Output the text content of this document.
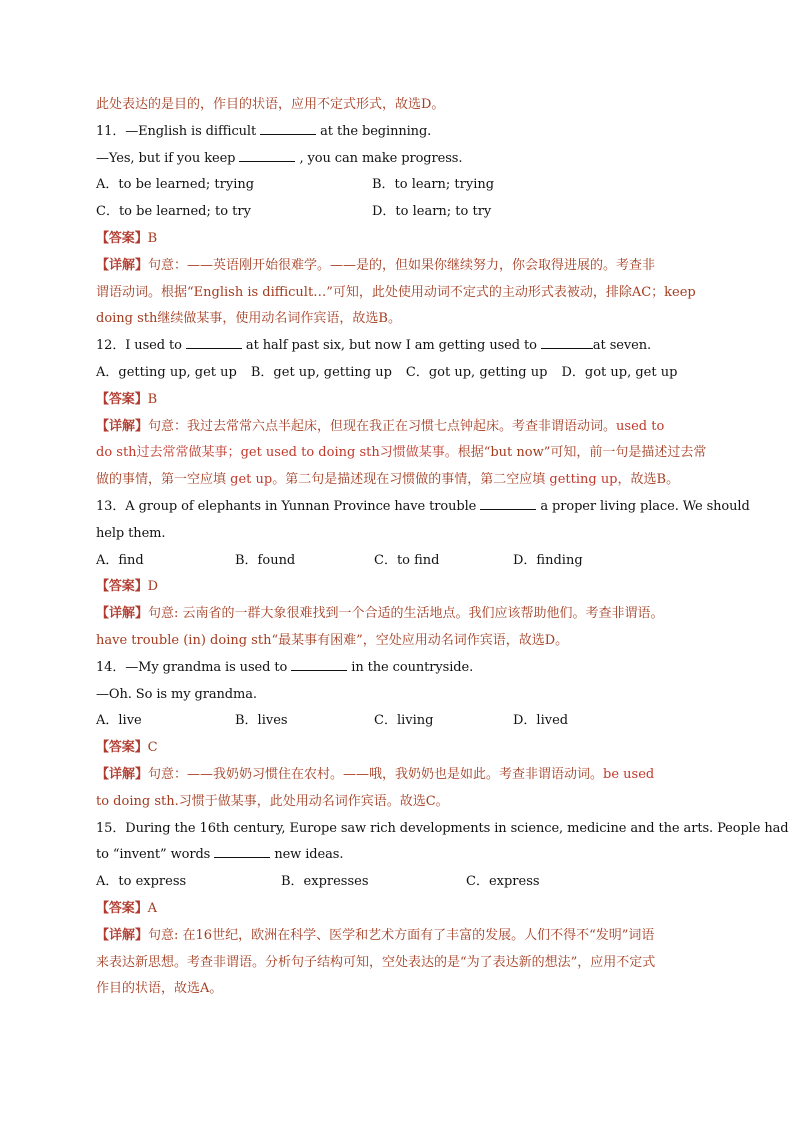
此处表达的是目的，作目的状语，应用不定式形式，故选D。
11．—English is difficult	at the beginning.
—Yes, but if you keep	, you can make progress.
A．to be learned; trying	B．to learn; trying
C．to be learned; to try	D．to learn; to try
【答案】B
【详解】句意：——英语刚开始很难学。——是的，但如果你继续努力，你会取得进展的。考查非
谓语动词。根据“English is difficult…”可知，此处使用动词不定式的主动形式表被动，排除AC；keep
doing sth继续做某事，使用动名词作宾语，故选B。
12．I used to	at half past six, but now I am getting used to	at seven.
A．getting up, get up B．get up, getting up C．got up, getting up D．got up, get up
【答案】B
【详解】句意：我过去常常六点半起床，但现在我正在习惯七点钟起床。考查非谓语动词。used to
do sth过去常常做某事；get used to doing sth习惯做某事。根据“but now”可知，前一句是描述过去常
做的事情，第一空应填 get up。第二句是描述现在习惯做的事情，第二空应填 getting up，故选B。
13．A group of elephants in Yunnan Province have trouble	a proper living place. We should
help them.
A．find	B．found	C．to find	D．finding
【答案】D
【详解】句意: 云南省的一群大象很难找到一个合适的生活地点。我们应该帮助他们。考查非谓语。
have trouble (in) doing sth“最某事有困难”，空处应用动名词作宾语，故选D。
14．—My grandma is used to	in the countryside.
—Oh. So is my grandma.
A．live	B．lives	C．living	D．lived
【答案】C
【详解】句意：——我奶奶习惯住在农村。——哦，我奶奶也是如此。考查非谓语动词。be used
to doing sth.习惯于做某事，此处用动名词作宾语。故选C。
15．During the 16th century, Europe saw rich developments in science, medicine and the arts. People had
to “invent” words	new ideas.
A．to express	B．expresses	C．express
【答案】A
【详解】句意: 在16世纪，欧洲在科学、医学和艺术方面有了丰富的发展。人们不得不“发明”词语
来表达新思想。考查非谓语。分析句子结构可知，空处表达的是“为了表达新的想法”，应用不定式
作目的状语，故选A。
